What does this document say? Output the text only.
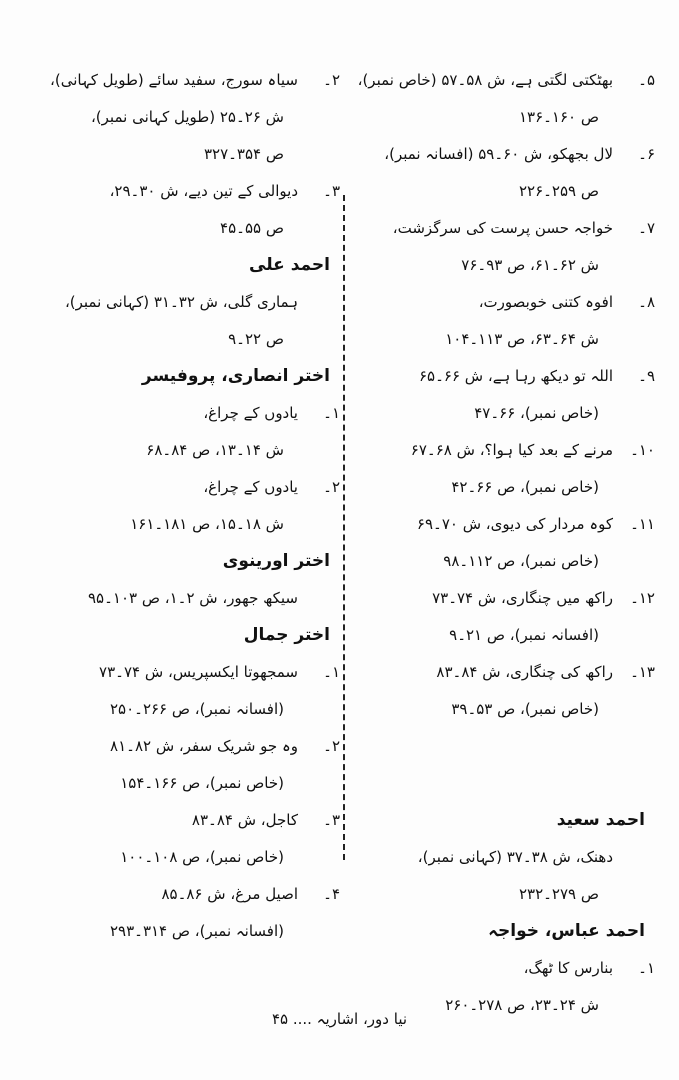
۵۔
بھٹکتی لگتی ہے، ش ۵۸۔۵۷ (خاص نمبر)،
ص ۱۶۰۔۱۳۶
۶۔
لال بجھکو، ش ۶۰۔۵۹ (افسانہ نمبر)،
ص ۲۵۹۔۲۲۶
۷۔
خواجہ حسن پرست کی سرگزشت،
ش ۶۲۔۶۱، ص ۹۳۔۷۶
۸۔
افوہ کتنی خوبصورت،
ش ۶۴۔۶۳، ص ۱۱۳۔۱۰۴
۹۔
اللہ تو دیکھ رہا ہے، ش ۶۶۔۶۵
(خاص نمبر)، ۶۶۔۴۷
۱۰۔
مرنے کے بعد کیا ہوا؟، ش ۶۸۔۶۷
(خاص نمبر)، ص ۶۶۔۴۲
۱۱۔
کوہ مردار کی دیوی، ش ۷۰۔۶۹
(خاص نمبر)، ص ۱۱۲۔۹۸
۱۲۔
راکھ میں چنگاری، ش ۷۴۔۷۳
(افسانہ نمبر)، ص ۲۱۔۹
۱۳۔
راکھ کی چنگاری، ش ۸۴۔۸۳
(خاص نمبر)، ص ۵۳۔۳۹
احمد سعید
دھنک، ش ۳۸۔۳۷ (کہانی نمبر)،
ص ۲۷۹۔۲۳۲
احمد عباس، خواجہ
۱۔
بنارس کا ٹھگ،
ش ۲۴۔۲۳، ص ۲۷۸۔۲۶۰
۲۔
سیاہ سورج، سفید سائے (طویل کہانی)،
ش ۲۶۔۲۵ (طویل کہانی نمبر)،
ص ۳۵۴۔۳۲۷
۳۔
دیوالی کے تین دیے، ش ۳۰۔۲۹،
ص ۵۵۔۴۵
احمد علی
ہماری گلی، ش ۳۲۔۳۱ (کہانی نمبر)،
ص ۲۲۔۹
اختر انصاری، پروفیسر
۱۔
یادوں کے چراغ،
ش ۱۴۔۱۳، ص ۸۴۔۶۸
۲۔
یادوں کے چراغ،
ش ۱۸۔۱۵، ص ۱۸۱۔۱۶۱
اختر اورینوی
سیکھ جھور، ش ۲۔۱، ص ۱۰۳۔۹۵
اختر جمال
۱۔
سمجھوتا ایکسپریس، ش ۷۴۔۷۳
(افسانہ نمبر)، ص ۲۶۶۔۲۵۰
۲۔
وہ جو شریک سفر، ش ۸۲۔۸۱
(خاص نمبر)، ص ۱۶۶۔۱۵۴
۳۔
کاجل، ش ۸۴۔۸۳
(خاص نمبر)، ص ۱۰۸۔۱۰۰
۴۔
اصیل مرغ، ش ۸۶۔۸۵
(افسانہ نمبر)، ص ۳۱۴۔۲۹۳
نیا دور، اشاریہ .... ۴۵
